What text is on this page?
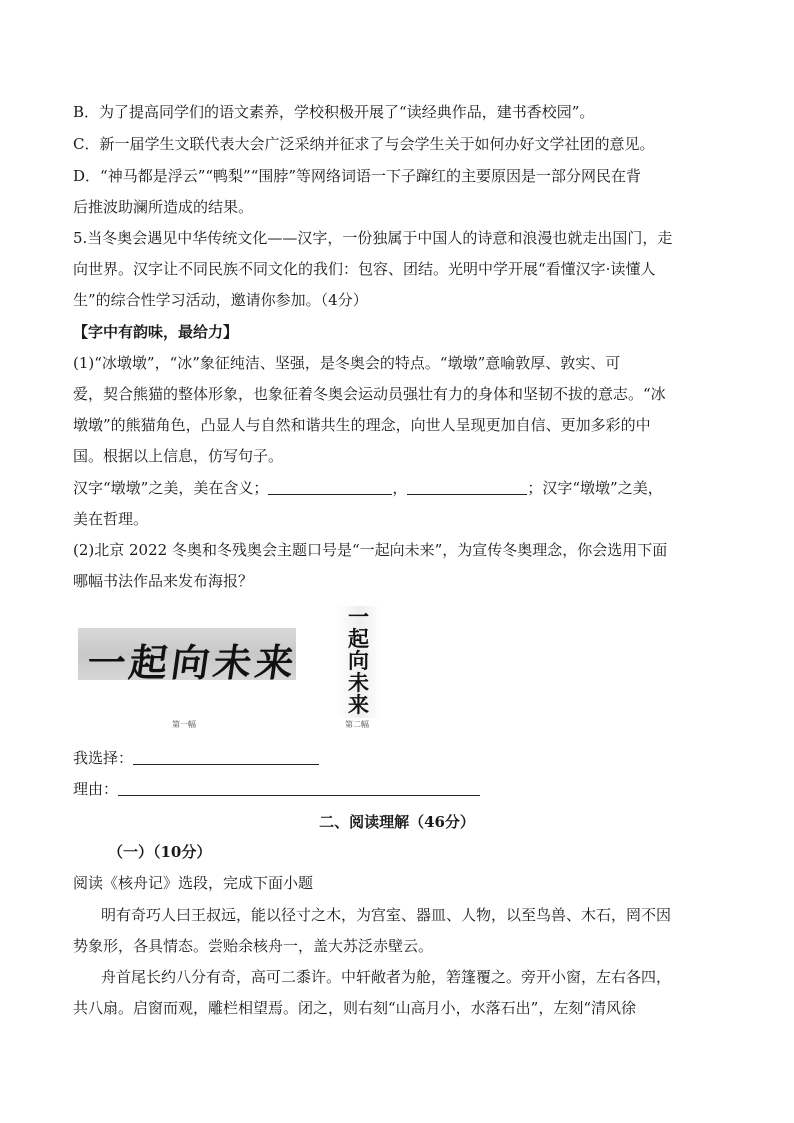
B．为了提高同学们的语文素养，学校积极开展了“读经典作品，建书香校园”。
C．新一届学生文联代表大会广泛采纳并征求了与会学生关于如何办好文学社团的意见。
D．“神马都是浮云”“鸭梨”“围脖”等网络词语一下子蹿红的主要原因是一部分网民在背
后推波助澜所造成的结果。
5.当冬奥会遇见中华传统文化——汉字，一份独属于中国人的诗意和浪漫也就走出国门，走
向世界。汉字让不同民族不同文化的我们：包容、团结。光明中学开展“看懂汉字·读懂人
生”的综合性学习活动，邀请你参加。（4分）
【字中有韵味，最给力】
(1)“冰墩墩”，“冰”象征纯洁、坚强，是冬奥会的特点。“墩墩”意喻敦厚、敦实、可
爱，契合熊猫的整体形象，也象征着冬奥会运动员强壮有力的身体和坚韧不拔的意志。“冰
墩墩”的熊猫角色，凸显人与自然和谐共生的理念，向世人呈现更加自信、更加多彩的中
国。根据以上信息，仿写句子。
汉字“墩墩”之美，美在含义；	，	；汉字“墩墩”之美，
美在哲理。
(2)北京 2022 冬奥和冬残奥会主题口号是“一起向未来”，为宣传冬奥理念，你会选用下面
哪幅书法作品来发布海报？
一起向未来
第一幅
一
起
向
未
来
第二幅
我选择：
理由：
二、阅读理解（46分）
（一）（10分）
阅读《核舟记》选段，完成下面小题
明有奇巧人曰王叔远，能以径寸之木，为宫室、器皿、人物，以至鸟兽、木石，罔不因
势象形，各具情态。尝贻余核舟一，盖大苏泛赤壁云。
舟首尾长约八分有奇，高可二黍许。中轩敞者为舱，箬篷覆之。旁开小窗，左右各四，
共八扇。启窗而观，雕栏相望焉。闭之，则右刻“山高月小，水落石出”，左刻“清风徐
